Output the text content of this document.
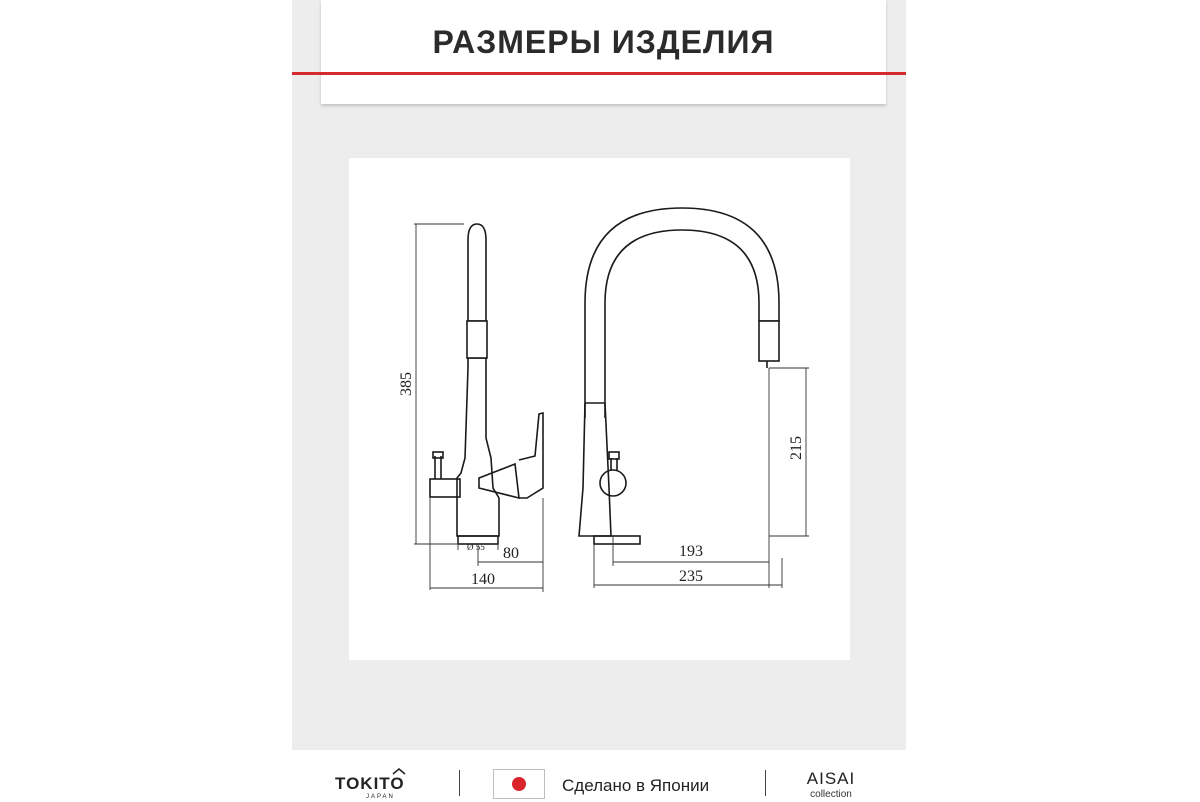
РАЗМЕРЫ ИЗДЕЛИЯ
385
Ø 55 80
140
215
193
235
TOKITO
JAPAN
Сделано в Японии	AISAI
collection
